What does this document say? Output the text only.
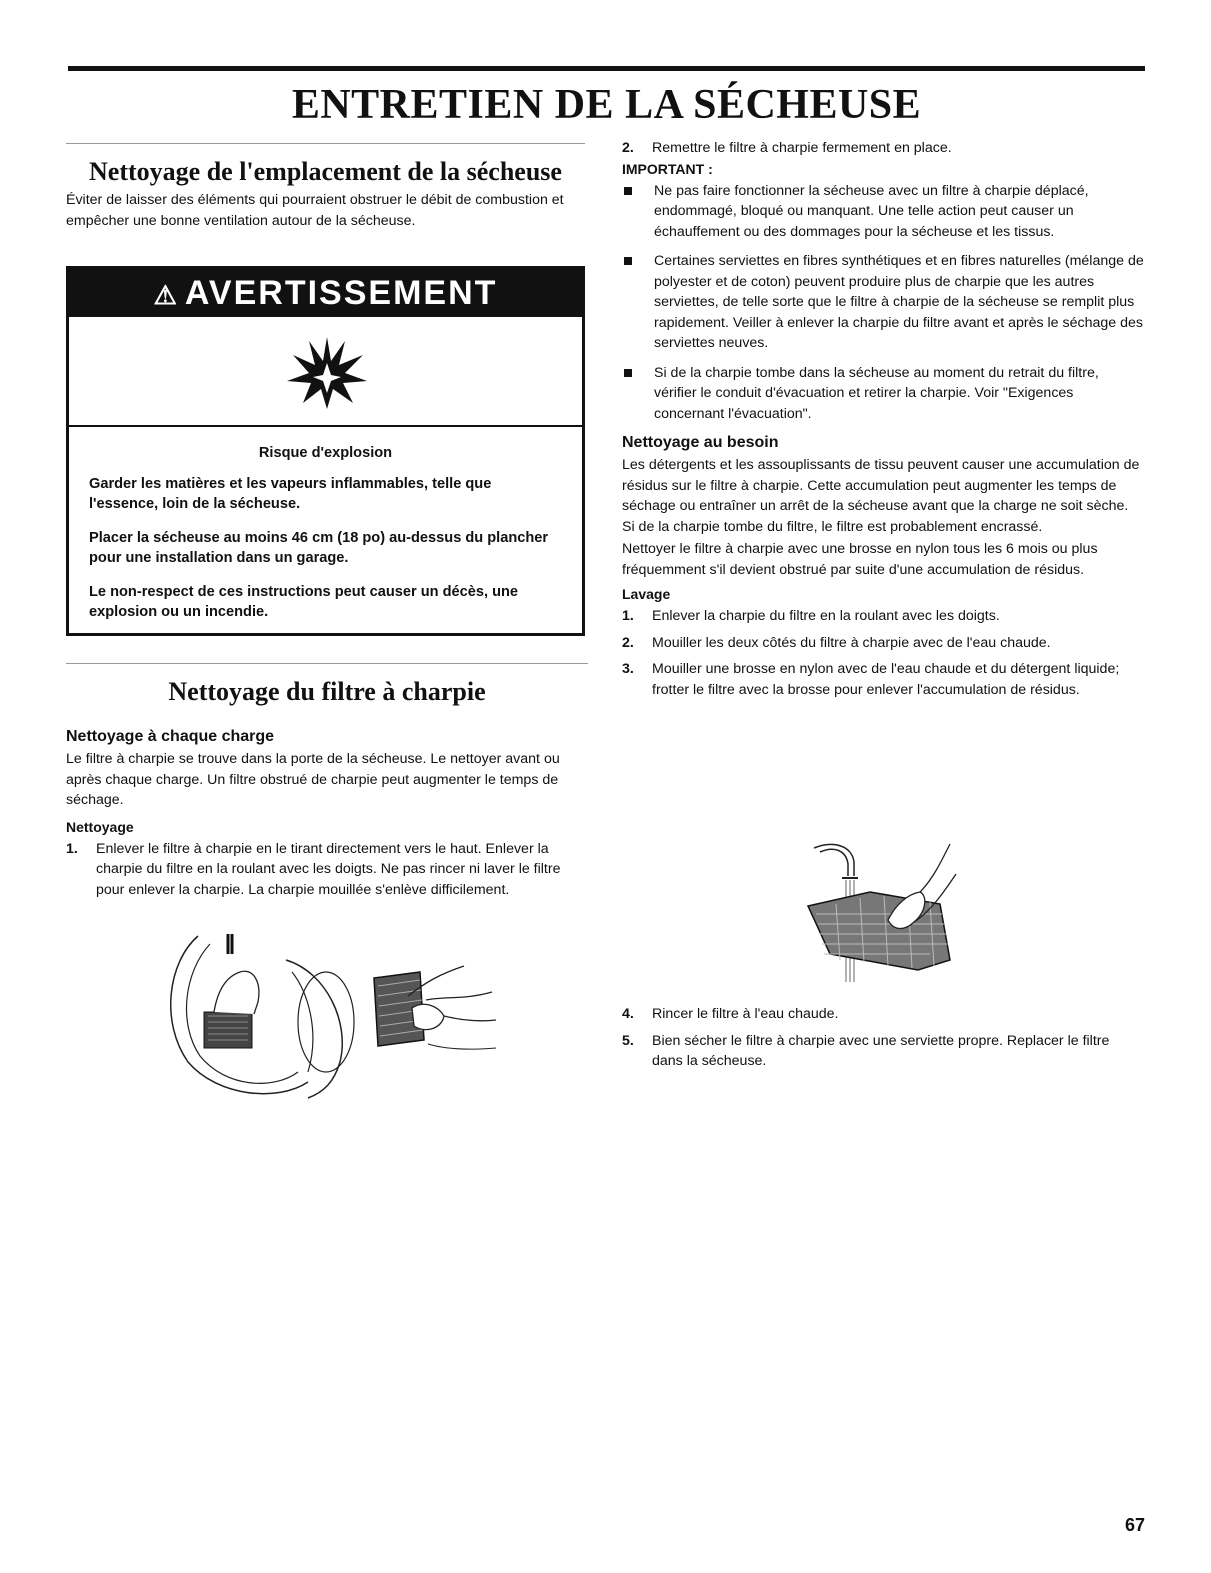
ENTRETIEN DE LA SÉCHEUSE
Nettoyage de l'emplacement de la sécheuse

Éviter de laisser des éléments qui pourraient obstruer le débit de combustion et empêcher une bonne ventilation autour de la sécheuse.

⚠ AVERTISSEMENT

Risque d'explosion

Garder les matières et les vapeurs inflammables, telle que l'essence, loin de la sécheuse.

Placer la sécheuse au moins 46 cm (18 po) au-dessus du plancher pour une installation dans un garage.

Le non-respect de ces instructions peut causer un décès, une explosion ou un incendie.

Nettoyage du filtre à charpie
Nettoyage à chaque charge
Le filtre à charpie se trouve dans la porte de la sécheuse. Le nettoyer avant ou après chaque charge. Un filtre obstrué de charpie peut augmenter le temps de séchage.
Nettoyage
1. Enlever le filtre à charpie en le tirant directement vers le haut. Enlever la charpie du filtre en la roulant avec les doigts. Ne pas rincer ni laver le filtre pour enlever la charpie. La charpie mouillée s'enlève difficilement.
2. Remettre le filtre à charpie fermement en place.
IMPORTANT :
Ne pas faire fonctionner la sécheuse avec un filtre à charpie déplacé, endommagé, bloqué ou manquant. Une telle action peut causer un échauffement ou des dommages pour la sécheuse et les tissus.
Certaines serviettes en fibres synthétiques et en fibres naturelles (mélange de polyester et de coton) peuvent produire plus de charpie que les autres serviettes, de telle sorte que le filtre à charpie de la sécheuse se remplit plus rapidement. Veiller à enlever la charpie du filtre avant et après le séchage des serviettes neuves.
Si de la charpie tombe dans la sécheuse au moment du retrait du filtre, vérifier le conduit d'évacuation et retirer la charpie. Voir "Exigences concernant l'évacuation".
Nettoyage au besoin

Les détergents et les assouplissants de tissu peuvent causer une accumulation de résidus sur le filtre à charpie. Cette accumulation peut augmenter les temps de séchage ou entraîner un arrêt de la sécheuse avant que la charge ne soit sèche. Si de la charpie tombe du filtre, le filtre est probablement encrassé.

Nettoyer le filtre à charpie avec une brosse en nylon tous les 6 mois ou plus fréquemment s'il devient obstrué par suite d'une accumulation de résidus.

Lavage
1. Enlever la charpie du filtre en la roulant avec les doigts.
2. Mouiller les deux côtés du filtre à charpie avec de l'eau chaude.
3. Mouiller une brosse en nylon avec de l'eau chaude et du détergent liquide; frotter le filtre avec la brosse pour enlever l'accumulation de résidus.
4. Rincer le filtre à l'eau chaude.
5. Bien sécher le filtre à charpie avec une serviette propre. Replacer le filtre dans la sécheuse.
67
